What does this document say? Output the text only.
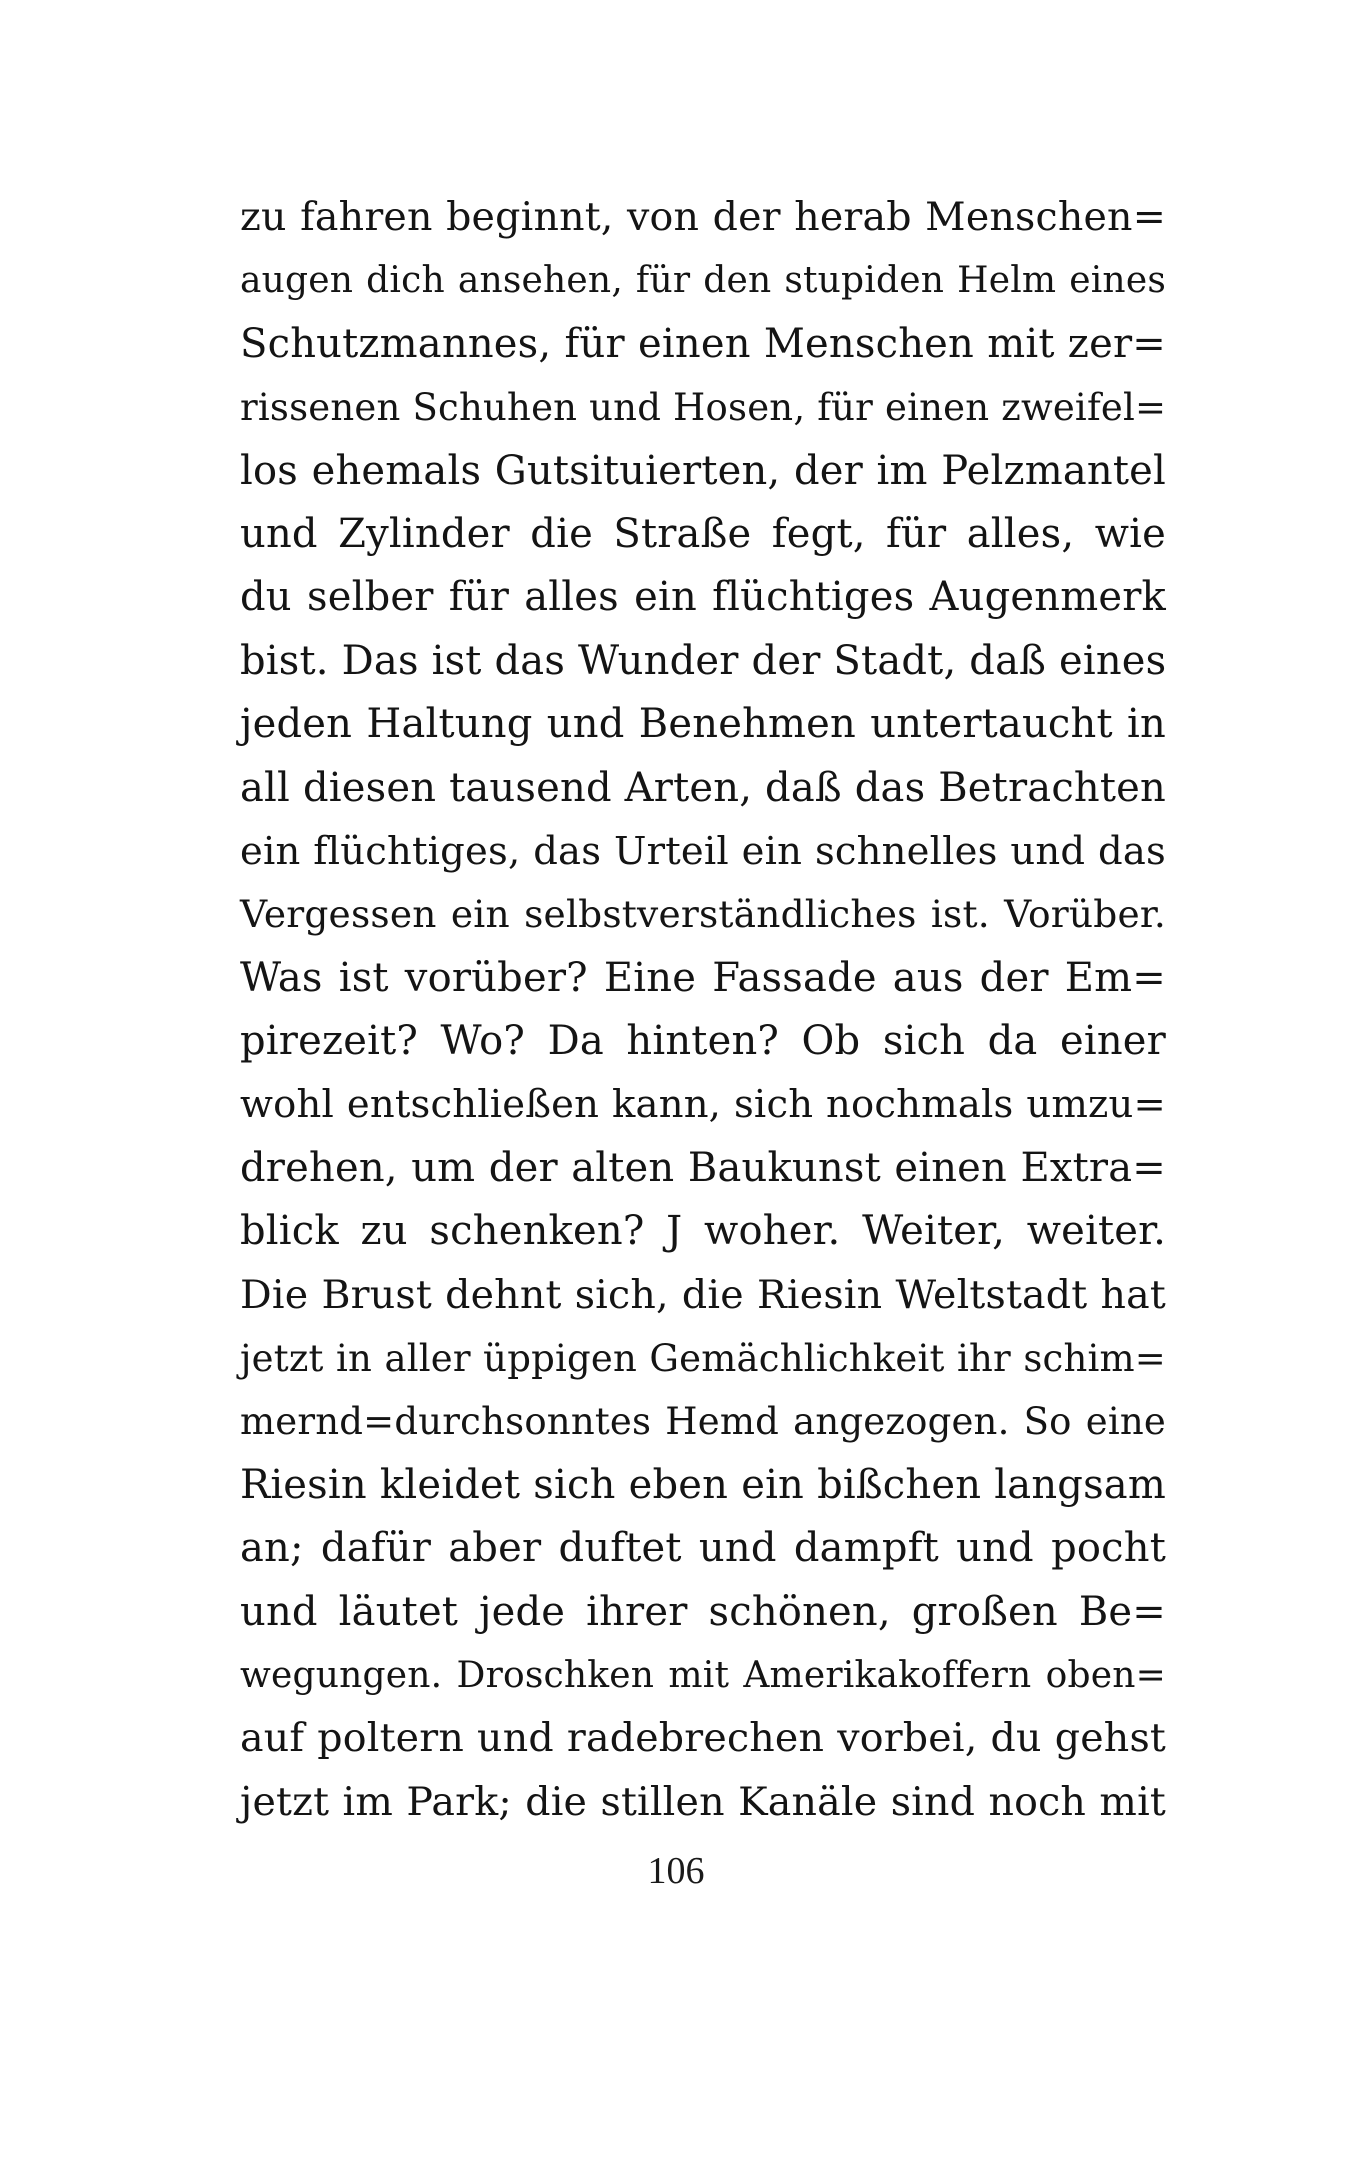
zu fahren beginnt, von der herab Menschen=
augen dich ansehen, für den stupiden Helm eines
Schutzmannes, für einen Menschen mit zer=
rissenen Schuhen und Hosen, für einen zweifel=
los ehemals Gutsituierten, der im Pelzmantel
und Zylinder die Straße fegt, für alles, wie
du selber für alles ein flüchtiges Augenmerk
bist. Das ist das Wunder der Stadt, daß eines
jeden Haltung und Benehmen untertaucht in
all diesen tausend Arten, daß das Betrachten
ein flüchtiges, das Urteil ein schnelles und das
Vergessen ein selbstverständliches ist. Vorüber.
Was ist vorüber? Eine Fassade aus der Em=
pirezeit? Wo? Da hinten? Ob sich da einer
wohl entschließen kann, sich nochmals umzu=
drehen, um der alten Baukunst einen Extra=
blick zu schenken? J woher. Weiter, weiter.
Die Brust dehnt sich, die Riesin Weltstadt hat
jetzt in aller üppigen Gemächlichkeit ihr schim=
mernd=durchsonntes Hemd angezogen. So eine
Riesin kleidet sich eben ein bißchen langsam
an; dafür aber duftet und dampft und pocht
und läutet jede ihrer schönen, großen Be=
wegungen. Droschken mit Amerikakoffern oben=
auf poltern und radebrechen vorbei, du gehst
jetzt im Park; die stillen Kanäle sind noch mit
106
